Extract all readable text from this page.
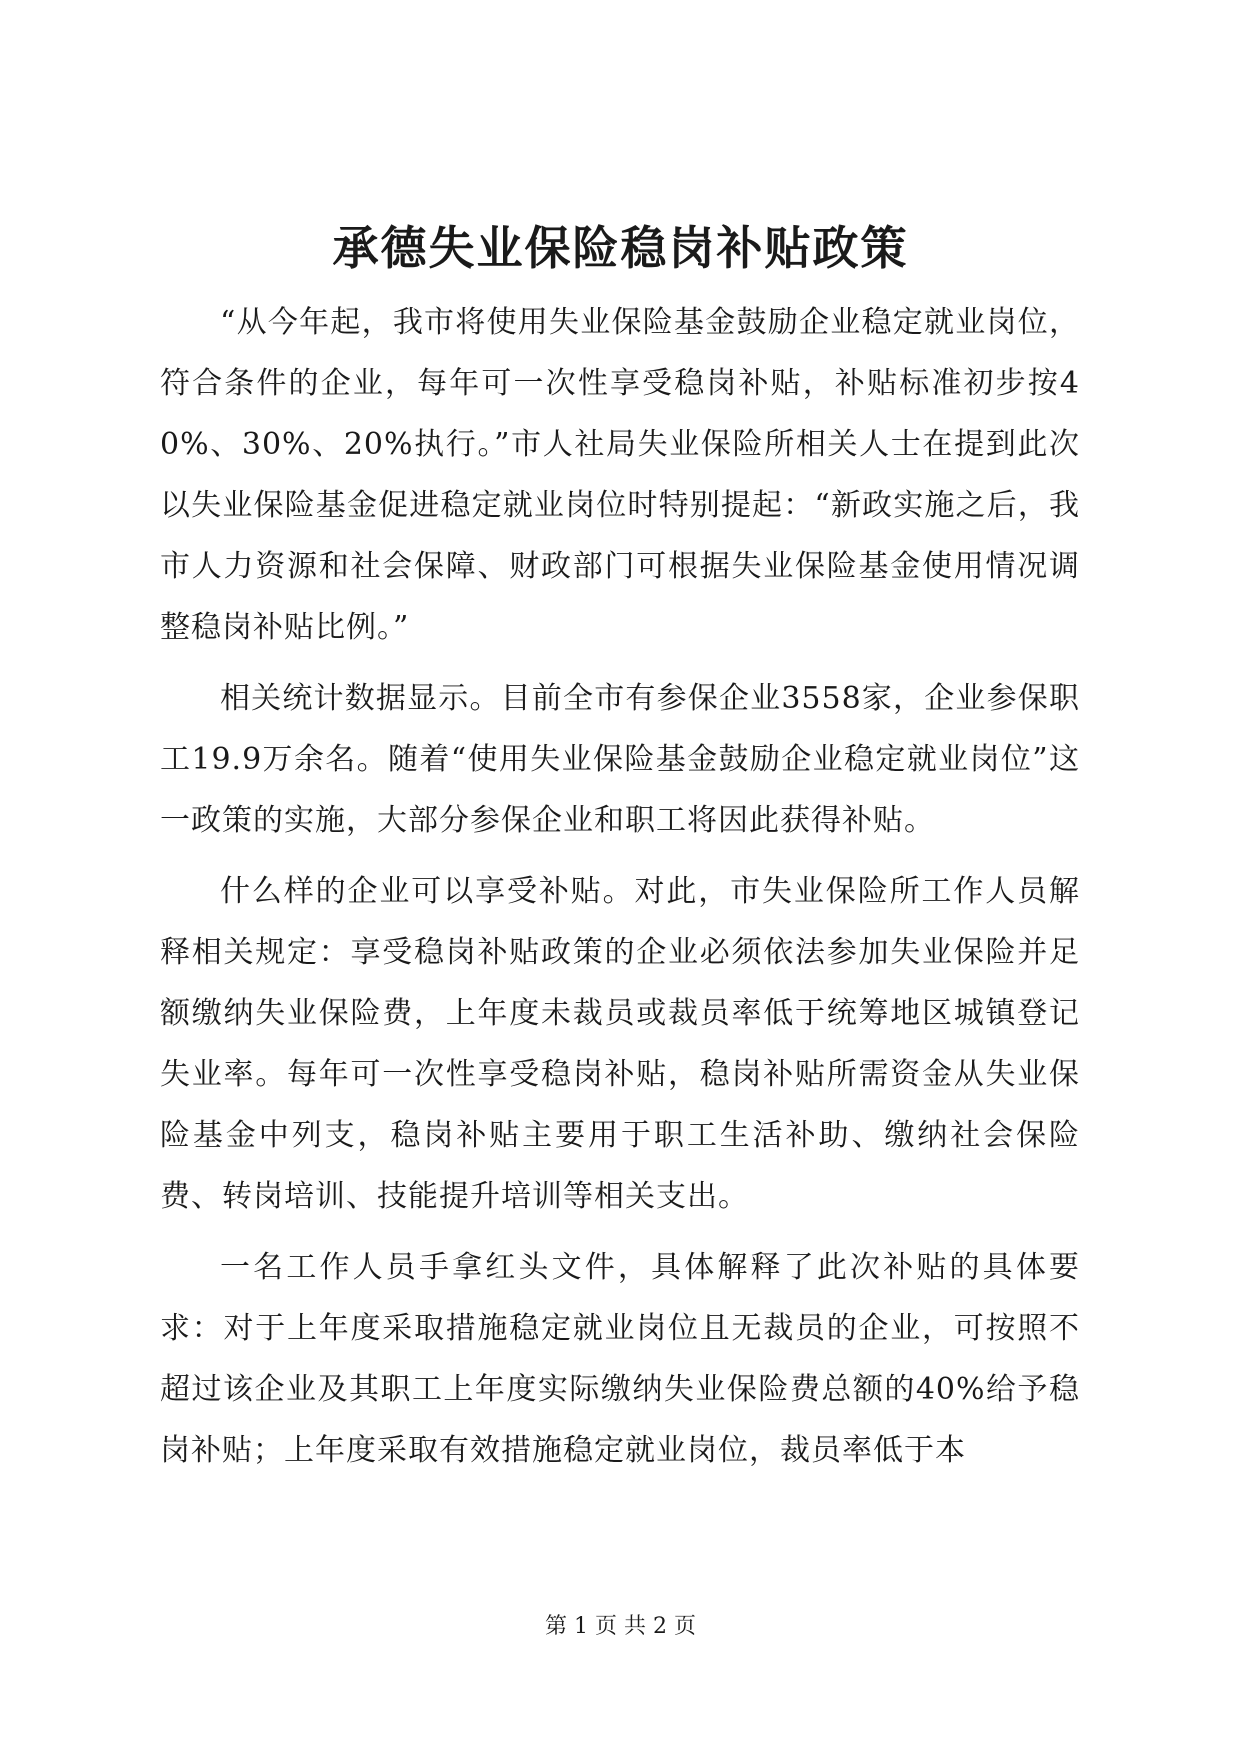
承德失业保险稳岗补贴政策

“从今年起，我市将使用失业保险基金鼓励企业稳定就业岗位，符合条件的企业，每年可一次性享受稳岗补贴，补贴标准初步按40%、30%、20%执行。”市人社局失业保险所相关人士在提到此次以失业保险基金促进稳定就业岗位时特别提起：“新政实施之后，我市人力资源和社会保障、财政部门可根据失业保险基金使用情况调整稳岗补贴比例。”

相关统计数据显示。目前全市有参保企业3558家，企业参保职工19.9万余名。随着“使用失业保险基金鼓励企业稳定就业岗位”这一政策的实施，大部分参保企业和职工将因此获得补贴。

什么样的企业可以享受补贴。对此，市失业保险所工作人员解释相关规定：享受稳岗补贴政策的企业必须依法参加失业保险并足额缴纳失业保险费，上年度未裁员或裁员率低于统筹地区城镇登记失业率。每年可一次性享受稳岗补贴，稳岗补贴所需资金从失业保险基金中列支，稳岗补贴主要用于职工生活补助、缴纳社会保险费、转岗培训、技能提升培训等相关支出。

一名工作人员手拿红头文件，具体解释了此次补贴的具体要求：对于上年度采取措施稳定就业岗位且无裁员的企业，可按照不超过该企业及其职工上年度实际缴纳失业保险费总额的40%给予稳岗补贴；上年度采取有效措施稳定就业岗位，裁员率低于本

第 1 页 共 2 页
